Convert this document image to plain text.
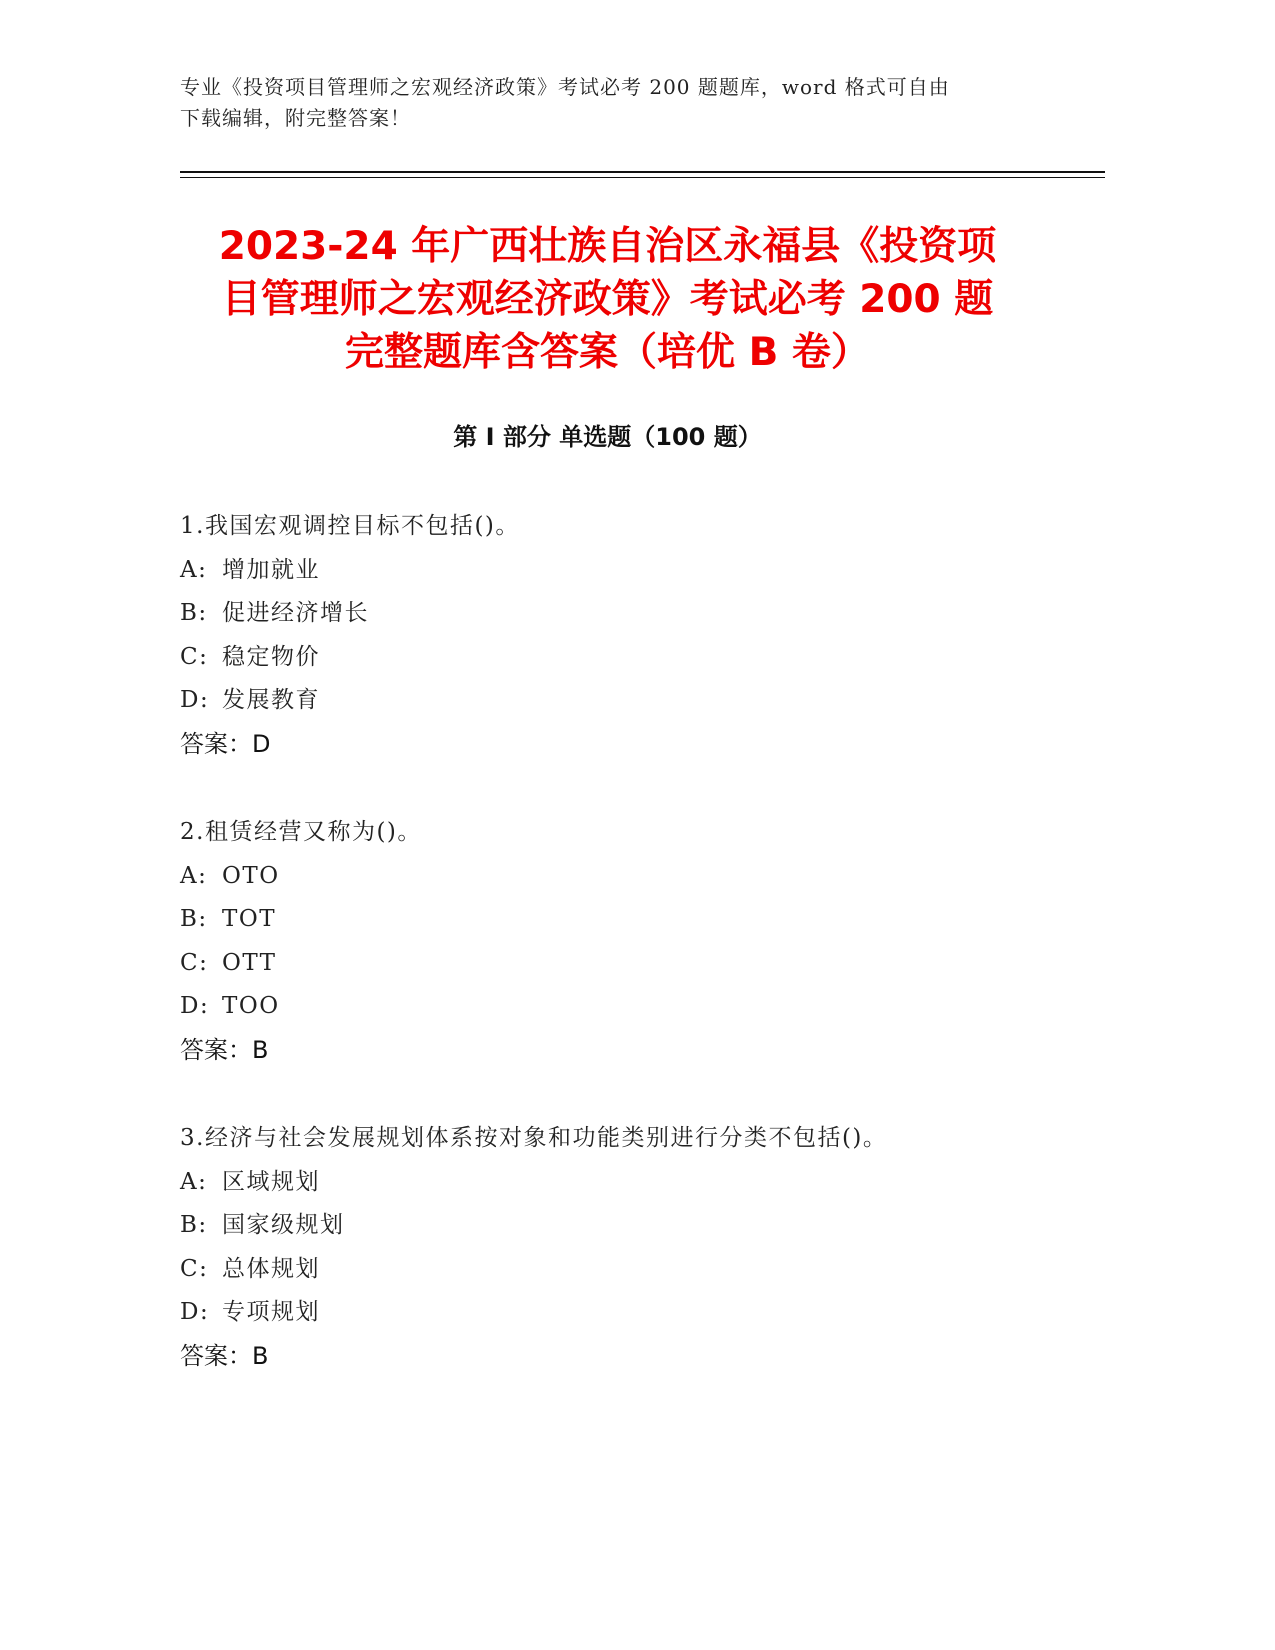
专业《投资项目管理师之宏观经济政策》考试必考 200 题题库，word 格式可自由
下载编辑，附完整答案！
2023-24 年广西壮族自治区永福县《投资项
目管理师之宏观经济政策》考试必考 200 题
完整题库含答案（培优 B 卷）
第 I 部分 单选题（100 题）
1.我国宏观调控目标不包括()。
A: 增加就业
B: 促进经济增长
C: 稳定物价
D: 发展教育
答案：D
2.租赁经营又称为()。
A: OTO
B: TOT
C: OTT
D: TOO
答案：B
3.经济与社会发展规划体系按对象和功能类别进行分类不包括()。
A: 区域规划
B: 国家级规划
C: 总体规划
D: 专项规划
答案：B
